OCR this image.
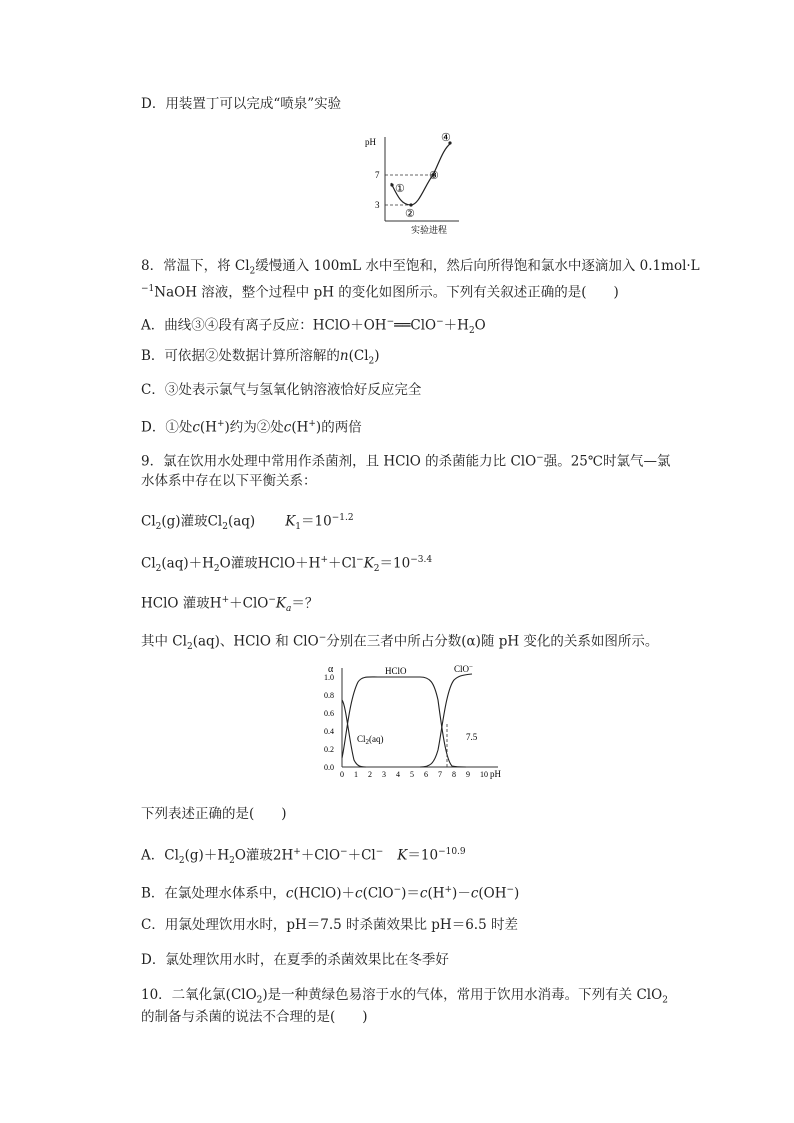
D．用装置丁可以完成“喷泉”实验
pH
7
3
①
②
③
④
实验进程
8．常温下，将 $Cl_2$缓慢通入 100mL 水中至饱和，然后向所得饱和氯水中逐滴加入 0.1mol·L
$^{-1}$NaOH 溶液，整个过程中 pH 的变化如图所示。下列有关叙述正确的是(　　)
A．曲线③④段有离子反应：$HClO+OH^-══ClO^-+H_2O$
B．可依据②处数据计算所溶解的$n(Cl_2)$
C．③处表示氯气与氢氧化钠溶液恰好反应完全
D．①处c(H+)约为②处c(H+)的两倍
9．氯在饮用水处理中常用作杀菌剂，且 HClO 的杀菌能力比 ClO−强。25℃时氯气—氯
水体系中存在以下平衡关系：
$Cl_2(g)$灌玻$Cl_2(aq)$ $K_1=10^{-1.2}$
$Cl_2(aq)+H_2O$灌玻$HClO+H^++Cl^-K_2=10^{-3.4}$
HClO 灌玻$H^++ClO^-K_a=$？
其中 $Cl_2(aq)$、HClO 和 ClO−分别在三者中所占分数(α)随 pH 变化的关系如图所示。
α
1.0
0.8
0.6
0.4
0.2
0.0
0 1 2 3 4 5 6 7 8 9 10 pH
HClO	ClO−
$Cl_2(aq)$	7.5
下列表述正确的是(　　)
A．$Cl_2(g)+H_2O$灌玻2H+＋ClO−＋Cl− $K=10^{-10.9}$
B．在氯处理水体系中，c(HClO)＋c(ClO−)＝c(H+)－c(OH−)
C．用氯处理饮用水时，pH＝7.5 时杀菌效果比 pH＝6.5 时差
D．氯处理饮用水时，在夏季的杀菌效果比在冬季好
10．二氧化氯(ClO$_2$)是一种黄绿色易溶于水的气体，常用于饮用水消毒。下列有关 ClO$_2$
的制备与杀菌的说法不合理的是(　　)
